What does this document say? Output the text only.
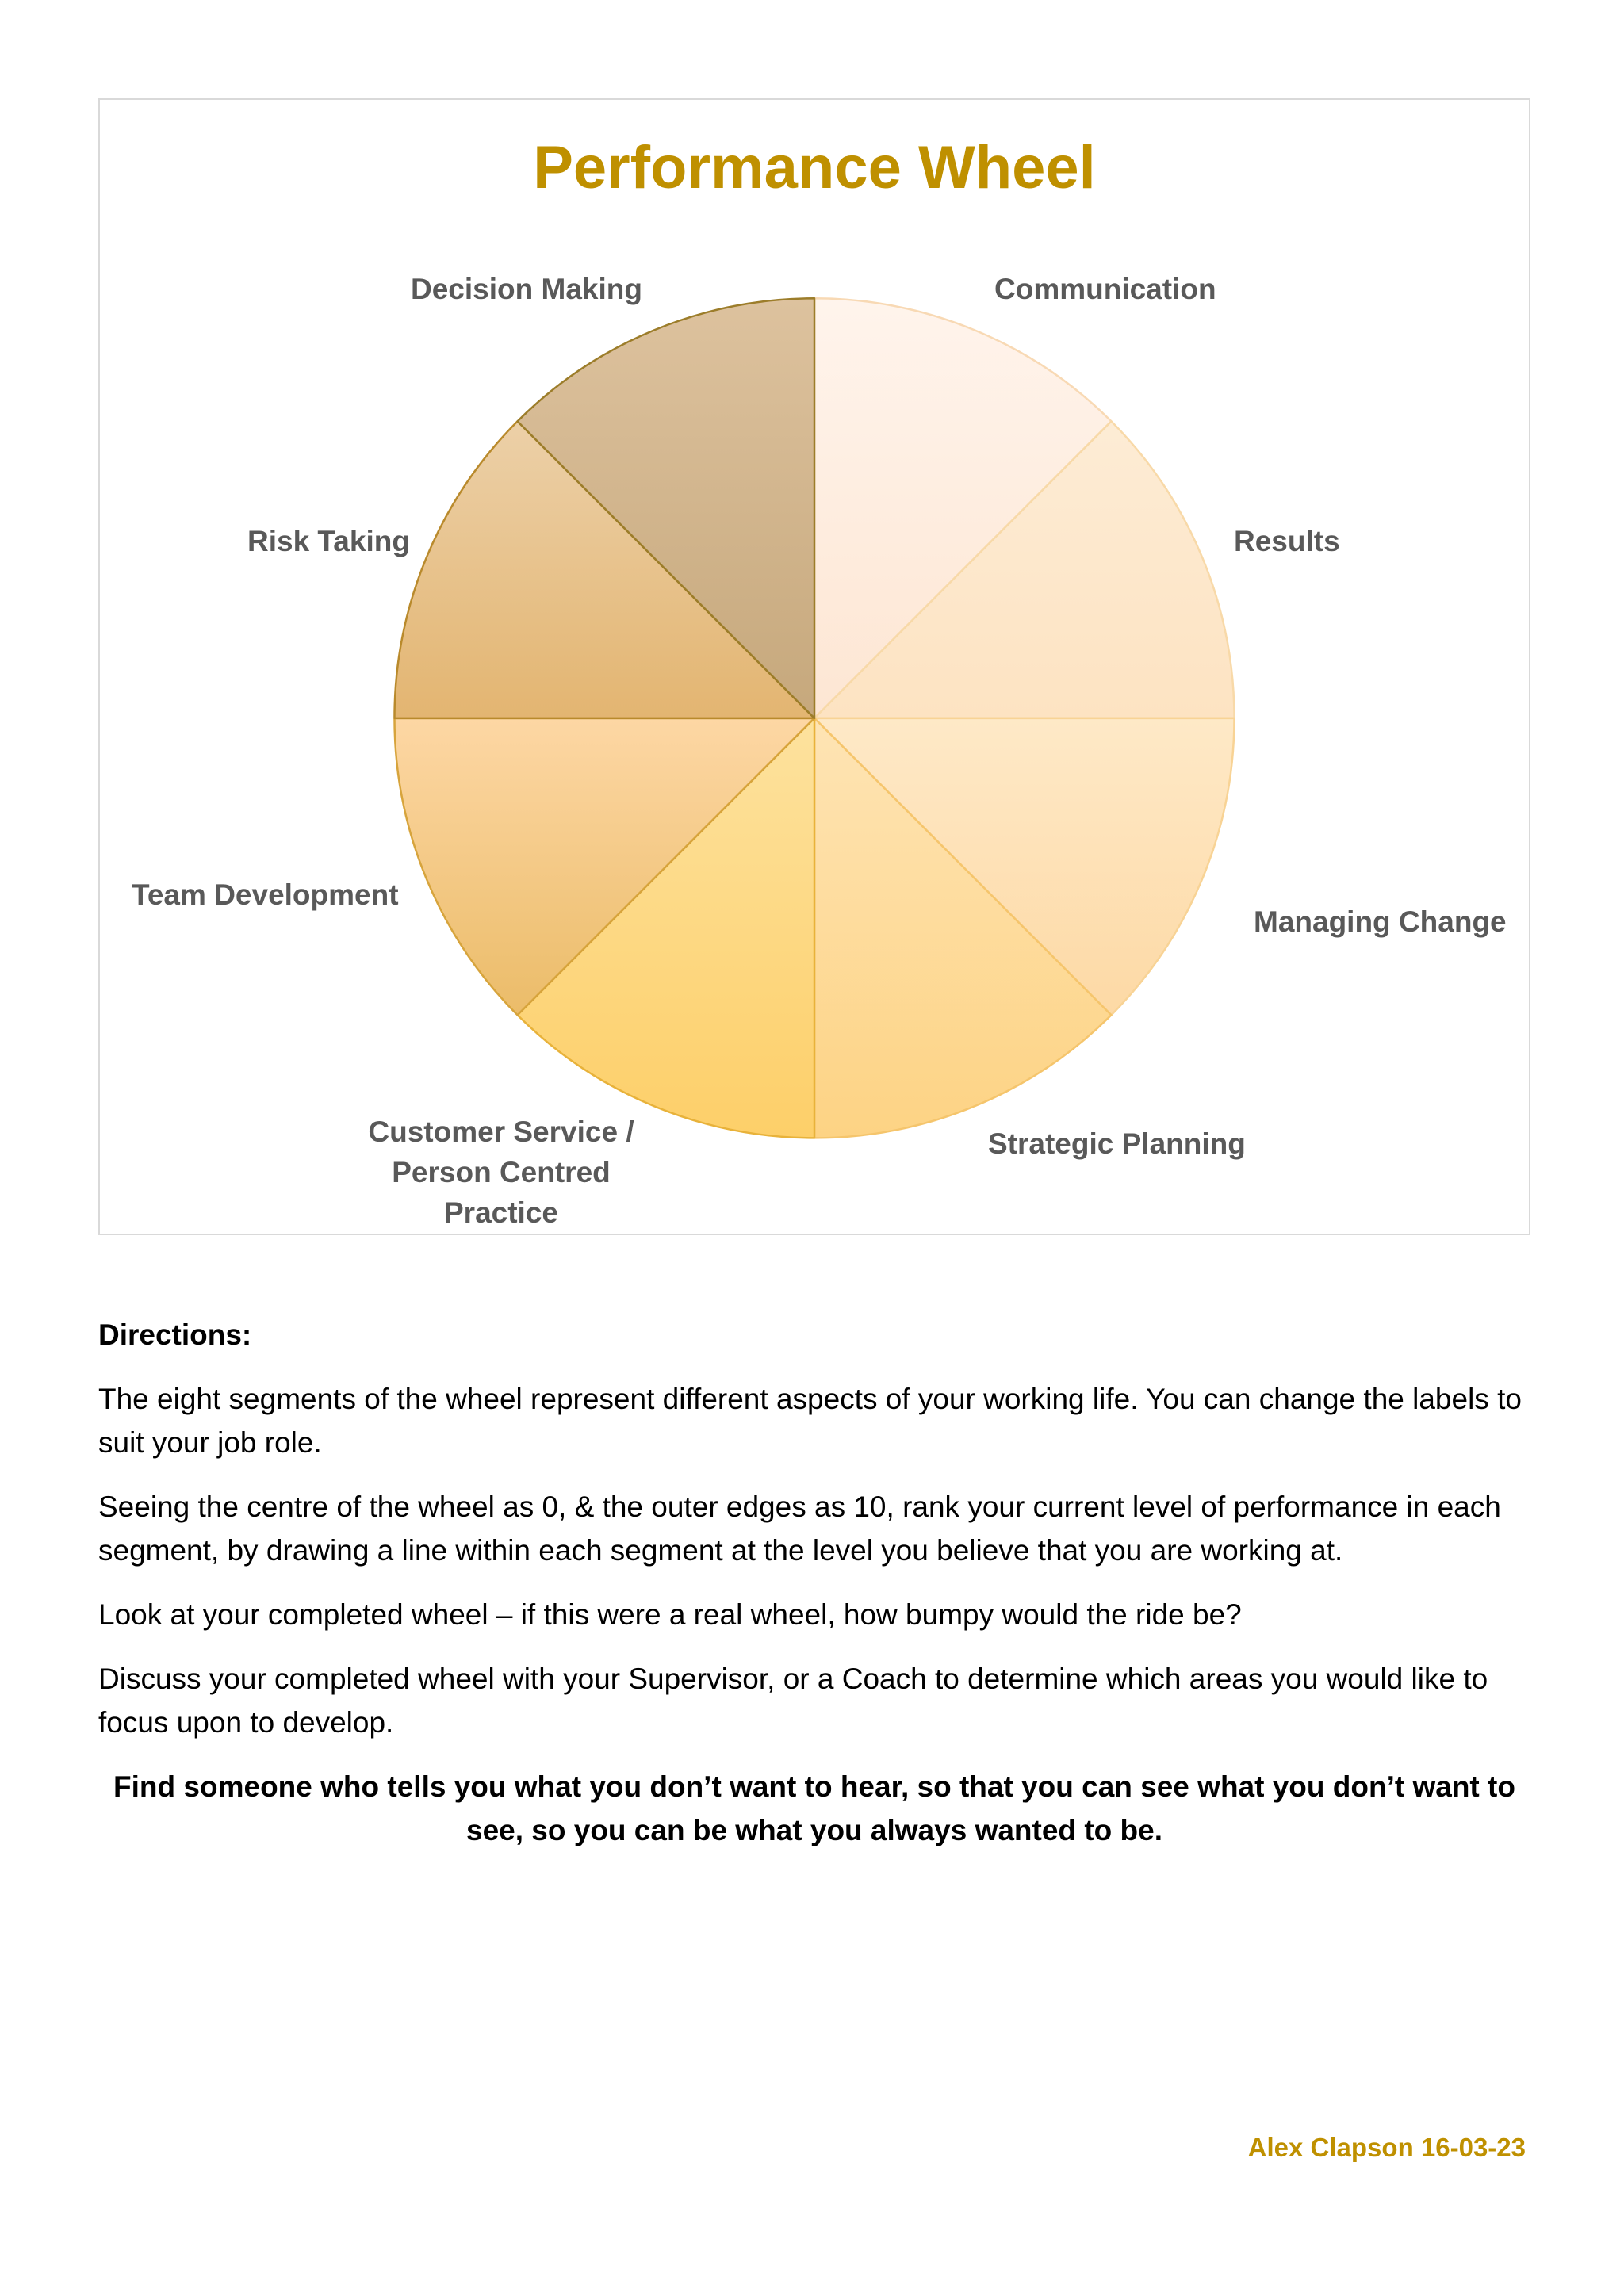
Performance Wheel
Communication
Results
Managing Change
Strategic Planning
Customer Service / Person Centred Practice
Team Development
Risk Taking
Decision Making
Directions:

The eight segments of the wheel represent different aspects of your working life. You can change the labels to suit your job role.

Seeing the centre of the wheel as 0, & the outer edges as 10, rank your current level of performance in each segment, by drawing a line within each segment at the level you believe that you are working at.

Look at your completed wheel – if this were a real wheel, how bumpy would the ride be?

Discuss your completed wheel with your Supervisor, or a Coach to determine which areas you would like to focus upon to develop.

Find someone who tells you what you don’t want to hear, so that you can see what you don’t want to see, so you can be what you always wanted to be.

Alex Clapson 16-03-23
